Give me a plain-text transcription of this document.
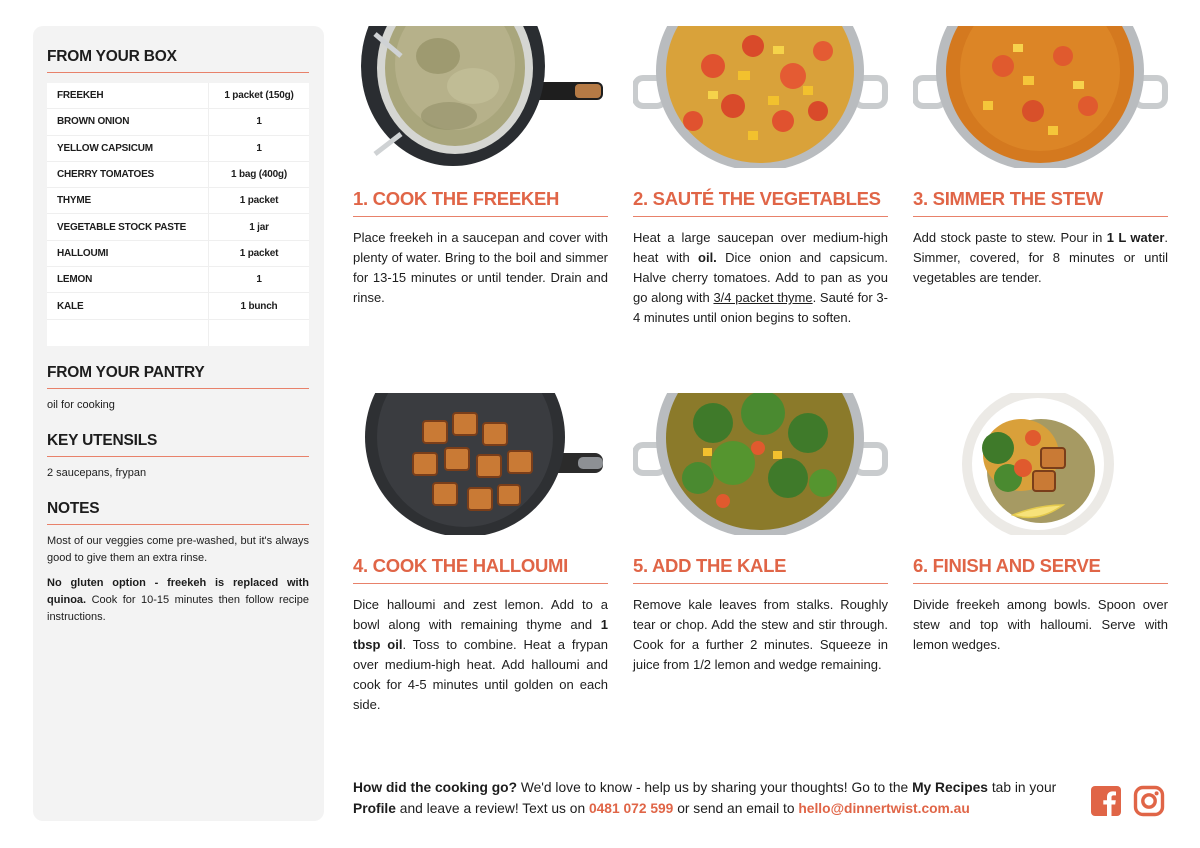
FROM YOUR BOX
FREEKEH	1 packet (150g)
BROWN ONION	1
YELLOW CAPSICUM	1
CHERRY TOMATOES	1 bag (400g)
THYME	1 packet
VEGETABLE STOCK PASTE	1 jar
HALLOUMI	1 packet
LEMON	1
KALE	1 bunch
FROM YOUR PANTRY
oil for cooking
KEY UTENSILS
2 saucepans, frypan
NOTES

Most of our veggies come pre-washed, but it's always good to give them an extra rinse.

No gluten option - freekeh is replaced with quinoa. Cook for 10-15 minutes then follow recipe instructions.

1. COOK THE FREEKEH

Place freekeh in a saucepan and cover with plenty of water. Bring to the boil and simmer for 13-15 minutes or until tender. Drain and rinse.

2. SAUTÉ THE VEGETABLES

Heat a large saucepan over medium-high heat with oil. Dice onion and capsicum. Halve cherry tomatoes. Add to pan as you go along with 3/4 packet thyme. Sauté for 3-4 minutes until onion begins to soften.

3. SIMMER THE STEW

Add stock paste to stew. Pour in 1 L water. Simmer, covered, for 8 minutes or until vegetables are tender.

4. COOK THE HALLOUMI

Dice halloumi and zest lemon. Add to a bowl along with remaining thyme and 1 tbsp oil. Toss to combine. Heat a frypan over medium-high heat. Add halloumi and cook for 4-5 minutes until golden on each side.

5. ADD THE KALE

Remove kale leaves from stalks. Roughly tear or chop. Add the stew and stir through. Cook for a further 2 minutes. Squeeze in juice from 1/2 lemon and wedge remaining.

6. FINISH AND SERVE

Divide freekeh among bowls. Spoon over stew and top with halloumi. Serve with lemon wedges.

How did the cooking go? We'd love to know - help us by sharing your thoughts! Go to the My Recipes tab in your Profile and leave a review! Text us on 0481 072 599 or send an email to hello@dinnertwist.com.au
